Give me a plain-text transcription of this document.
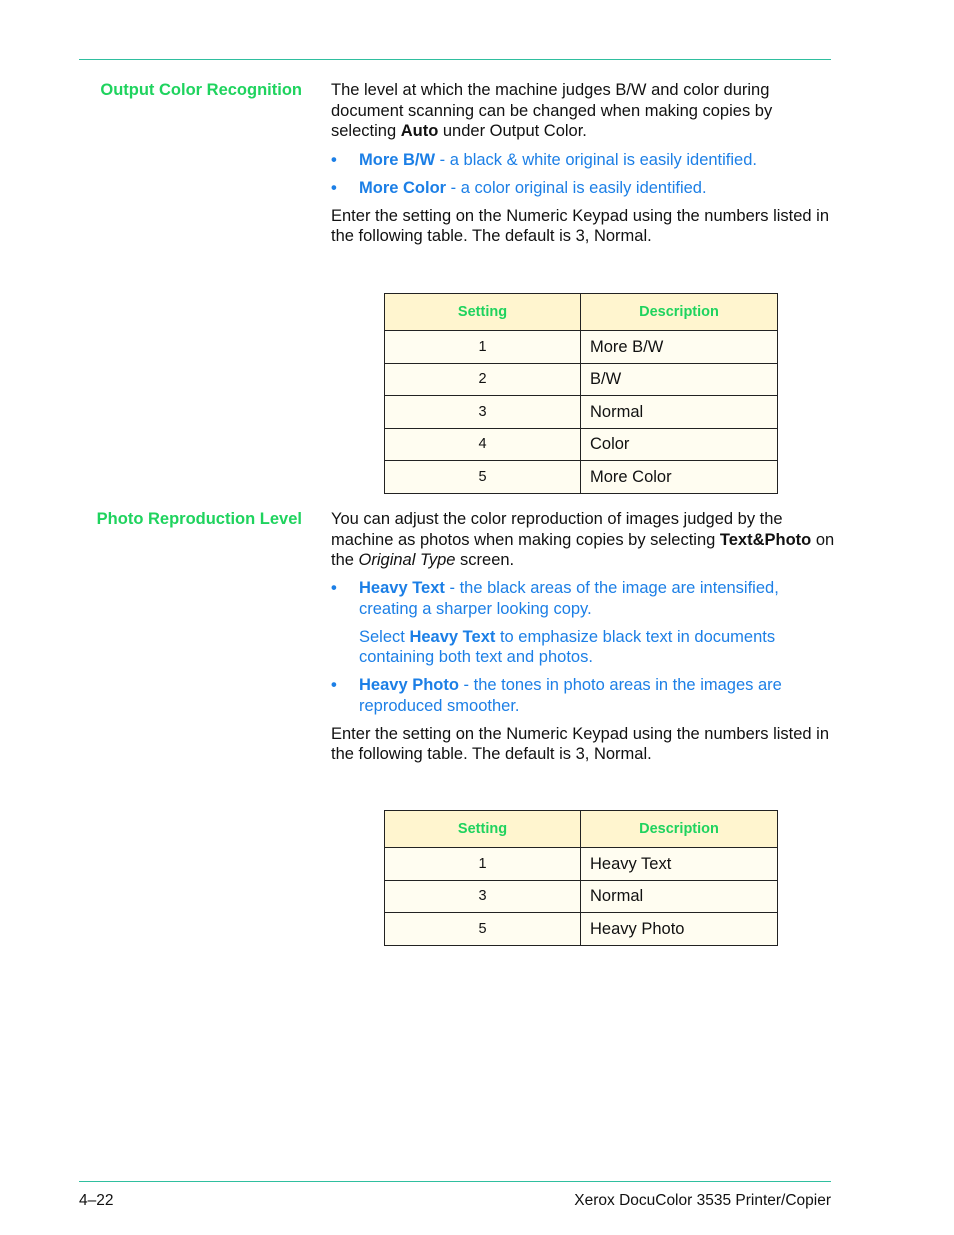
Output Color Recognition The level at which the machine judges B/W and color during document scanning can be changed when making copies by selecting Auto under Output Color.

• More B/W - a black & white original is easily identified.
• More Color - a color original is easily identified.

Enter the setting on the Numeric Keypad using the numbers listed in the following table. The default is 3, Normal.

Setting	Description
1	More B/W
2	B/W
3	Normal
4	Color
5	More Color
Photo Reproduction Level You can adjust the color reproduction of images judged by the machine as photos when making copies by selecting Text&Photo on the Original Type screen.

• Heavy Text - the black areas of the image are intensified, creating a sharper looking copy.

Select Heavy Text to emphasize black text in documents containing both text and photos.

• Heavy Photo - the tones in photo areas in the images are reproduced smoother.

Enter the setting on the Numeric Keypad using the numbers listed in the following table. The default is 3, Normal.

Setting	Description
1	Heavy Text
3	Normal
5	Heavy Photo
4–22	Xerox DocuColor 3535 Printer/Copier
